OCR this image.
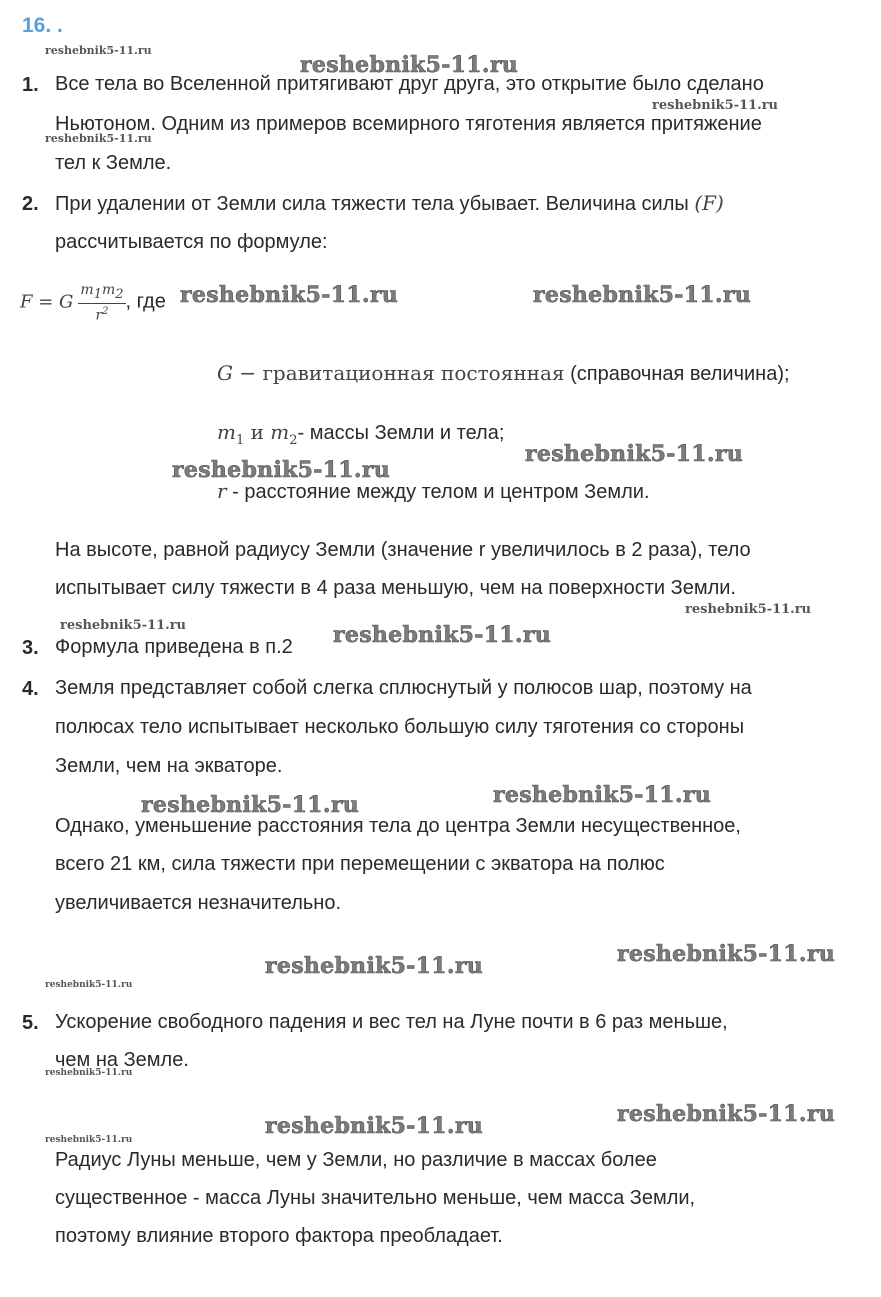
16. .
1. Все тела во Вселенной притягивают друг друга, это открытие было сделано
Ньютоном. Одним из примеров всемирного тяготения является притяжение
тел к Земле.
2. При удалении от Земли сила тяжести тела убывает. Величина силы (F)
рассчитывается по формуле:
F = G $\frac{m_1m_2}{r^2}$ , где
G − гравитационная постоянная (справочная величина);
$m_1$ и $m_2-$ массы Земли и тела;
r - расстояние между телом и центром Земли.
На высоте, равной радиусу Земли (значение r увеличилось в 2 раза), тело
испытывает силу тяжести в 4 раза меньшую, чем на поверхности Земли.
3. Формула приведена в п.2
4. Земля представляет собой слегка сплюснутый у полюсов шар, поэтому на
полюсах тело испытывает несколько большую силу тяготения со стороны
Земли, чем на экваторе.
Однако, уменьшение расстояния тела до центра Земли несущественное,
всего 21 км, сила тяжести при перемещении с экватора на полюс
увеличивается незначительно.
5. Ускорение свободного падения и вес тел на Луне почти в 6 раз меньше,
чем на Земле.
Радиус Луны меньше, чем у Земли, но различие в массах более
существенное - масса Луны значительно меньше, чем масса Земли,
поэтому влияние второго фактора преобладает.
reshebnik5-11.ru
reshebnik5-11.ru	reshebnik5-11.ru
reshebnik5-11.ru
reshebnik5-11.ru
reshebnik5-11.ru
reshebnik5-11.ru	reshebnik5-11.ru
reshebnik5-11.ru	reshebnik5-11.ru
reshebnik5-11.ru	reshebnik5-11.ru
reshebnik5-11.ru
reshebnik5-11.ru
reshebnik5-11.ru
reshebnik5-11.ru
reshebnik5-11.ru
reshebnik5-11.ru
reshebnik5-11.ru
reshebnik5-11.ru
